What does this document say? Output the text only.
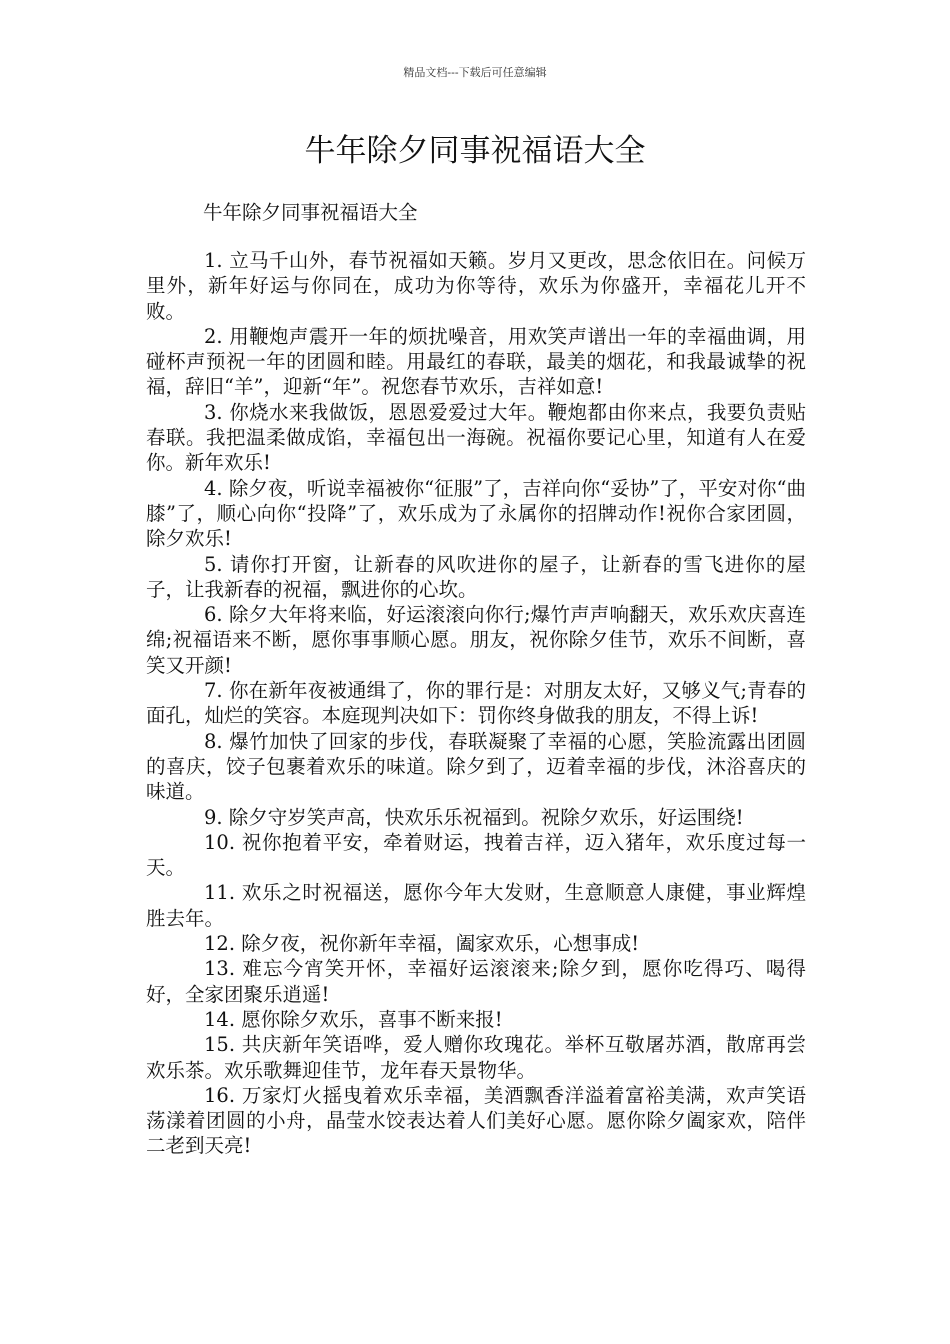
精品文档---下载后可任意编辑
牛年除夕同事祝福语大全

牛年除夕同事祝福语大全

1. 立马千山外，春节祝福如天籁。岁月又更改，思念依旧在。问候万里外，新年好运与你同在，成功为你等待，欢乐为你盛开，幸福花儿开不败。

2. 用鞭炮声震开一年的烦扰噪音，用欢笑声谱出一年的幸福曲调，用碰杯声预祝一年的团圆和睦。用最红的春联，最美的烟花，和我最诚挚的祝福，辞旧“羊”，迎新“年”。祝您春节欢乐，吉祥如意!

3. 你烧水来我做饭，恩恩爱爱过大年。鞭炮都由你来点，我要负责贴春联。我把温柔做成馅，幸福包出一海碗。祝福你要记心里，知道有人在爱你。新年欢乐!

4. 除夕夜，听说幸福被你“征服”了，吉祥向你“妥协”了，平安对你“曲膝”了，顺心向你“投降”了，欢乐成为了永属你的招牌动作!祝你合家团圆，除夕欢乐!

5. 请你打开窗，让新春的风吹进你的屋子，让新春的雪飞进你的屋子，让我新春的祝福，飘进你的心坎。

6. 除夕大年将来临，好运滚滚向你行;爆竹声声响翻天，欢乐欢庆喜连绵;祝福语来不断，愿你事事顺心愿。朋友，祝你除夕佳节，欢乐不间断，喜笑又开颜!

7. 你在新年夜被通缉了，你的罪行是：对朋友太好，又够义气;青春的面孔，灿烂的笑容。本庭现判决如下：罚你终身做我的朋友，不得上诉!

8. 爆竹加快了回家的步伐，春联凝聚了幸福的心愿，笑脸流露出团圆的喜庆，饺子包裹着欢乐的味道。除夕到了，迈着幸福的步伐，沐浴喜庆的味道。

9. 除夕守岁笑声高，快欢乐乐祝福到。祝除夕欢乐，好运围绕!

10. 祝你抱着平安，牵着财运，拽着吉祥，迈入猪年，欢乐度过每一天。

11. 欢乐之时祝福送，愿你今年大发财，生意顺意人康健，事业辉煌胜去年。

12. 除夕夜，祝你新年幸福，阖家欢乐，心想事成!

13. 难忘今宵笑开怀，幸福好运滚滚来;除夕到，愿你吃得巧、喝得好，全家团聚乐逍遥!

14. 愿你除夕欢乐，喜事不断来报!

15. 共庆新年笑语哗，爱人赠你玫瑰花。举杯互敬屠苏酒，散席再尝欢乐茶。欢乐歌舞迎佳节，龙年春天景物华。

16. 万家灯火摇曳着欢乐幸福，美酒飘香洋溢着富裕美满，欢声笑语荡漾着团圆的小舟，晶莹水饺表达着人们美好心愿。愿你除夕阖家欢，陪伴二老到天亮!
